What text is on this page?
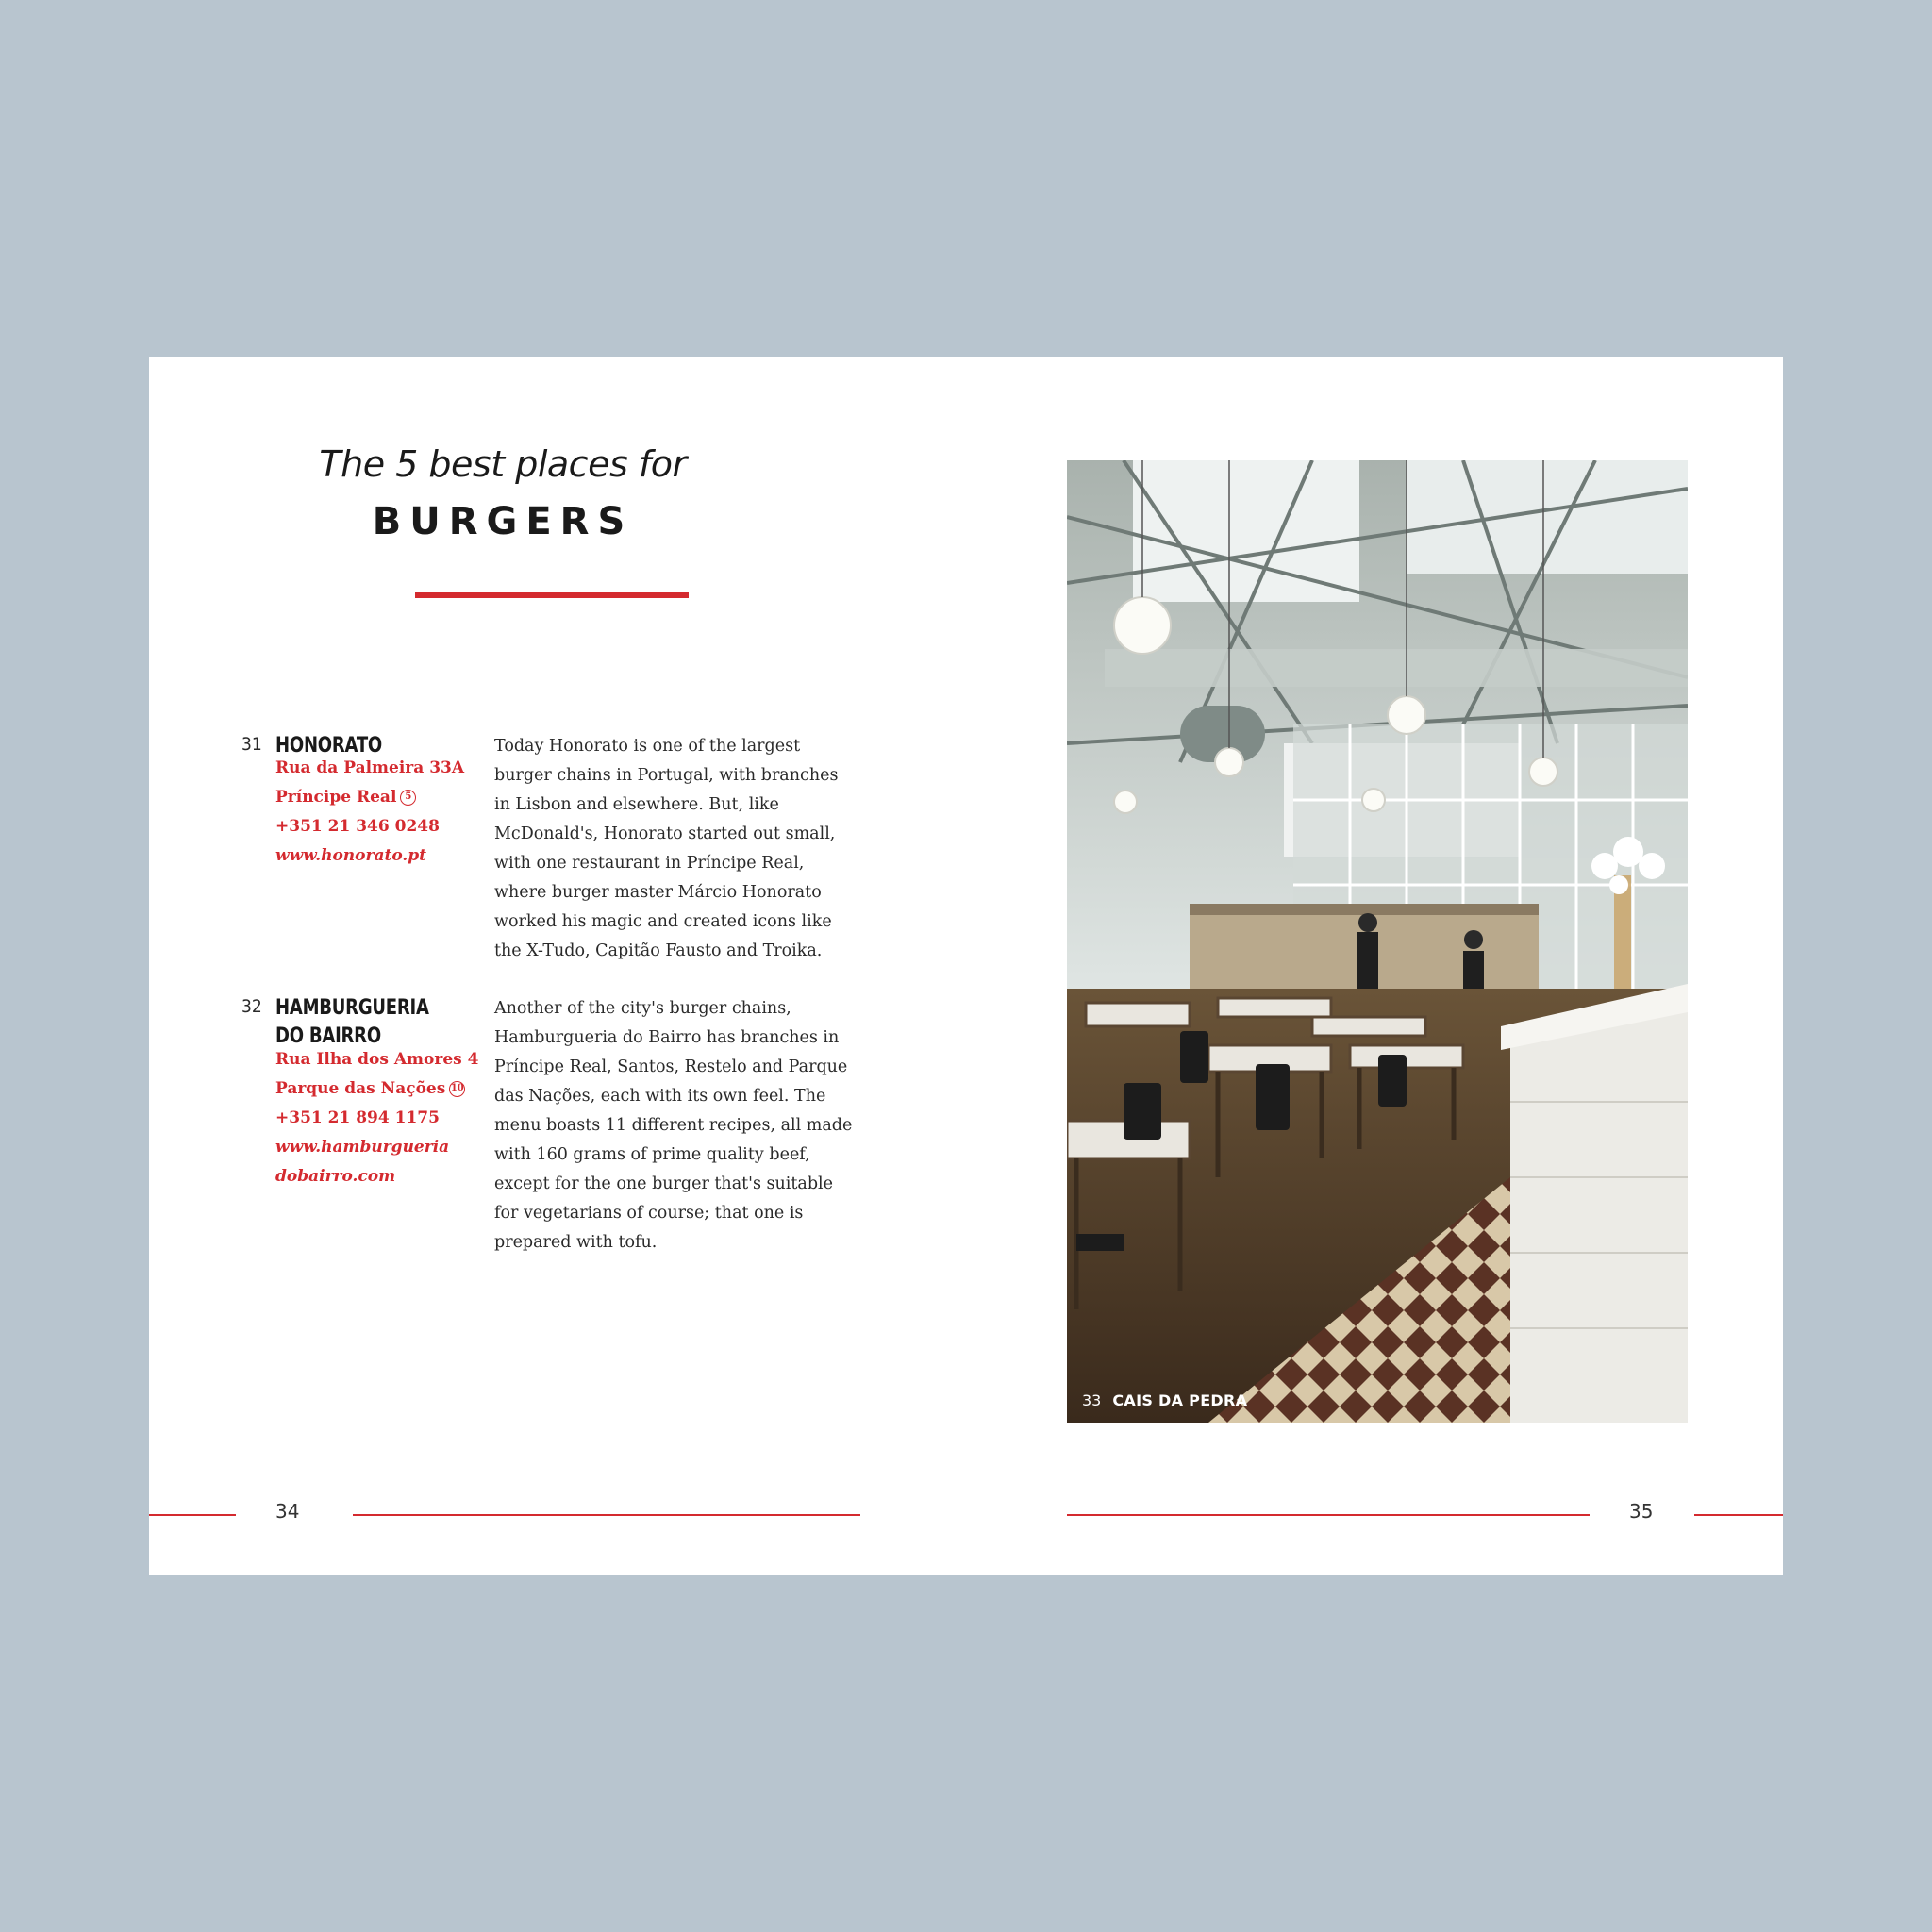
The 5 best places for
BURGERS
31 HONORATO
Rua da Palmeira 33A
Príncipe Real 5
+351 21 346 0248
www.honorato.pt
Today Honorato is one of the largest
burger chains in Portugal, with branches
in Lisbon and elsewhere. But, like
McDonald's, Honorato started out small,
with one restaurant in Príncipe Real,
where burger master Márcio Honorato
worked his magic and created icons like
the X-Tudo, Capitão Fausto and Troika.
32 HAMBURGUERIA
DO BAIRRO
Rua Ilha dos Amores 4
Parque das Nações 10
+351 21 894 1175
www.hamburgueria
dobairro.com
Another of the city's burger chains,
Hamburgueria do Bairro has branches in
Príncipe Real, Santos, Restelo and Parque
das Nações, each with its own feel. The
menu boasts 11 different recipes, all made
with 160 grams of prime quality beef,
except for the one burger that's suitable
for vegetarians of course; that one is
prepared with tofu.
34
33 CAIS DA PEDRA
35
